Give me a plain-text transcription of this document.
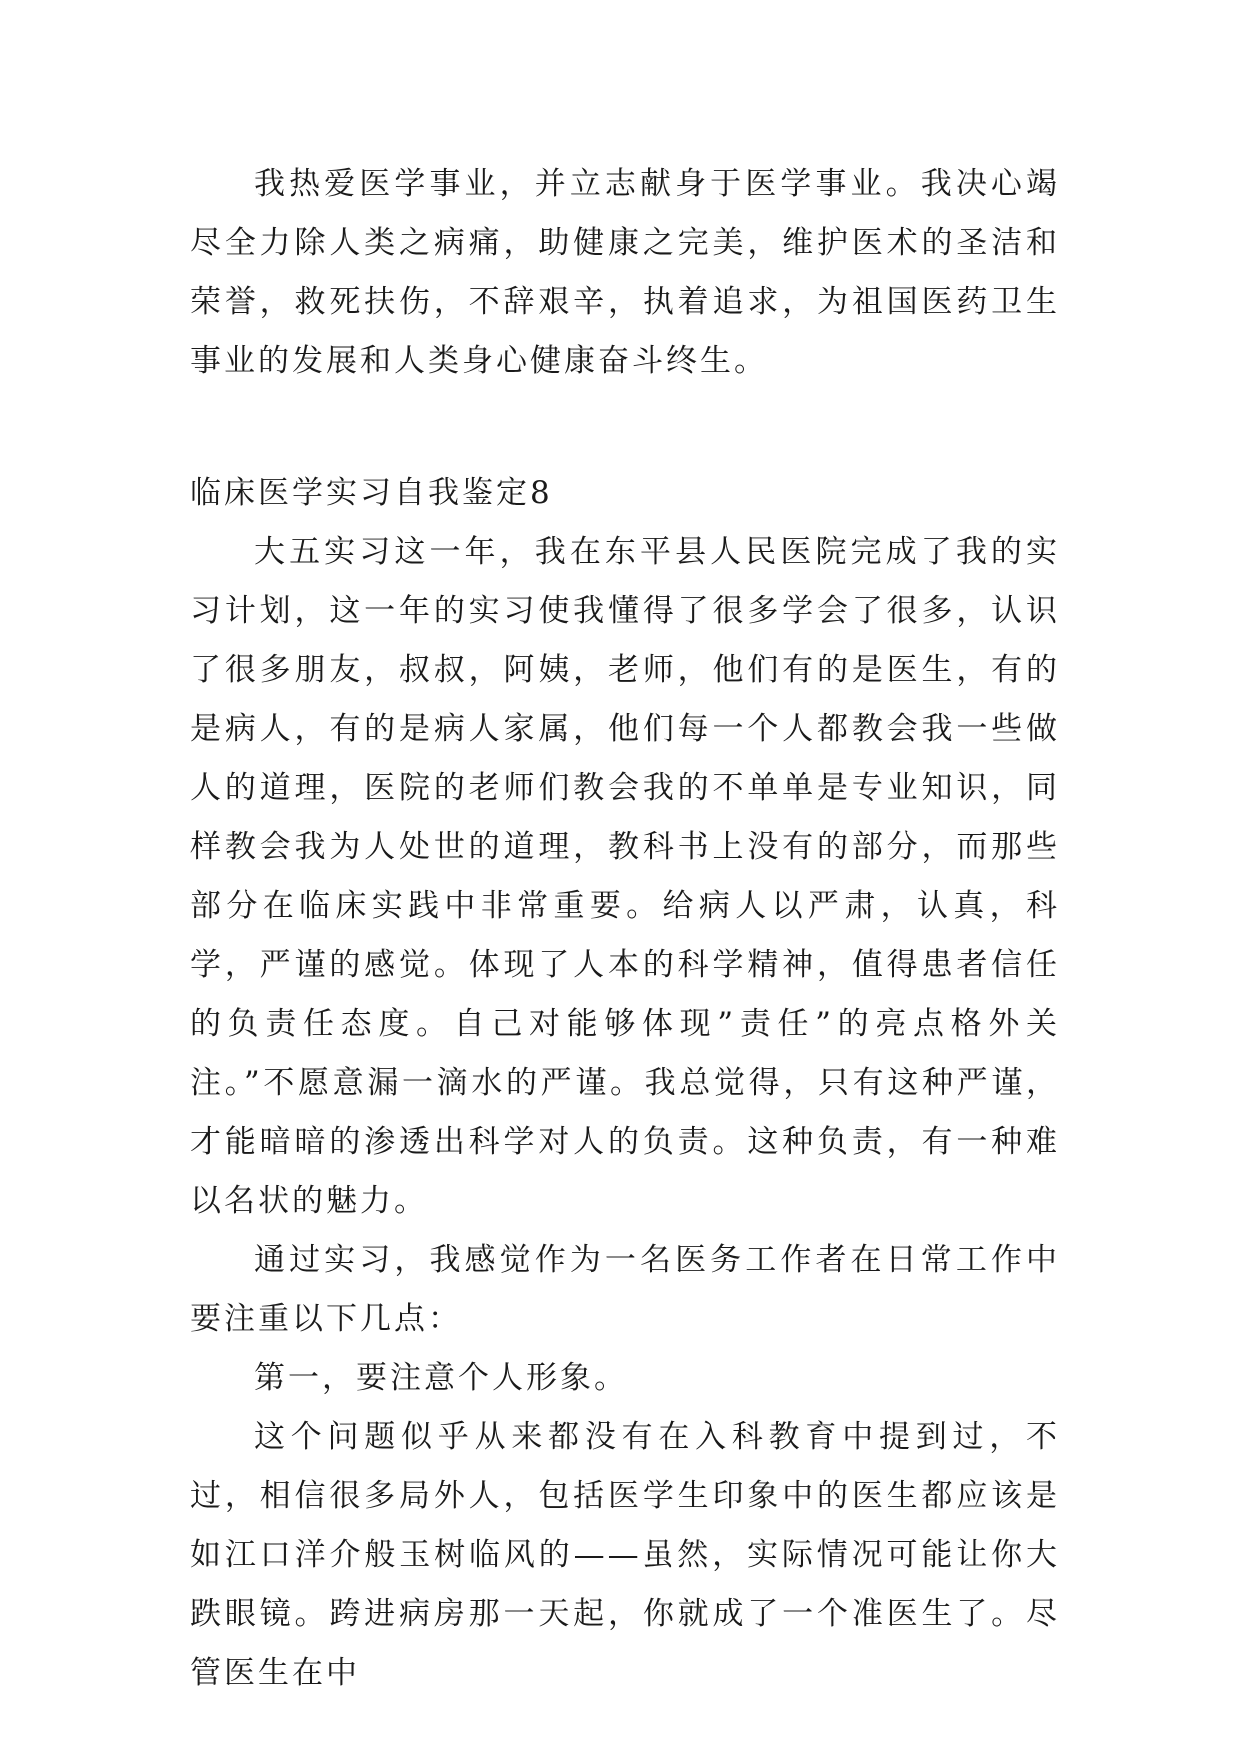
我热爱医学事业，并立志献身于医学事业。我决心竭尽全力除人类之病痛，助健康之完美，维护医术的圣洁和荣誉，救死扶伤，不辞艰辛，执着追求，为祖国医药卫生事业的发展和人类身心健康奋斗终生。

临床医学实习自我鉴定8

大五实习这一年，我在东平县人民医院完成了我的实习计划，这一年的实习使我懂得了很多学会了很多，认识了很多朋友，叔叔，阿姨，老师，他们有的是医生，有的是病人，有的是病人家属，他们每一个人都教会我一些做人的道理，医院的老师们教会我的不单单是专业知识，同样教会我为人处世的道理，教科书上没有的部分，而那些部分在临床实践中非常重要。给病人以严肃，认真，科学，严谨的感觉。体现了人本的科学精神，值得患者信任的负责任态度。自己对能够体现”责任”的亮点格外关注。”不愿意漏一滴水的严谨。我总觉得，只有这种严谨，才能暗暗的渗透出科学对人的负责。这种负责，有一种难以名状的魅力。

通过实习，我感觉作为一名医务工作者在日常工作中要注重以下几点：

第一，要注意个人形象。

这个问题似乎从来都没有在入科教育中提到过，不过，相信很多局外人，包括医学生印象中的医生都应该是如江口洋介般玉树临风的——虽然，实际情况可能让你大跌眼镜。跨进病房那一天起，你就成了一个准医生了。尽管医生在中
